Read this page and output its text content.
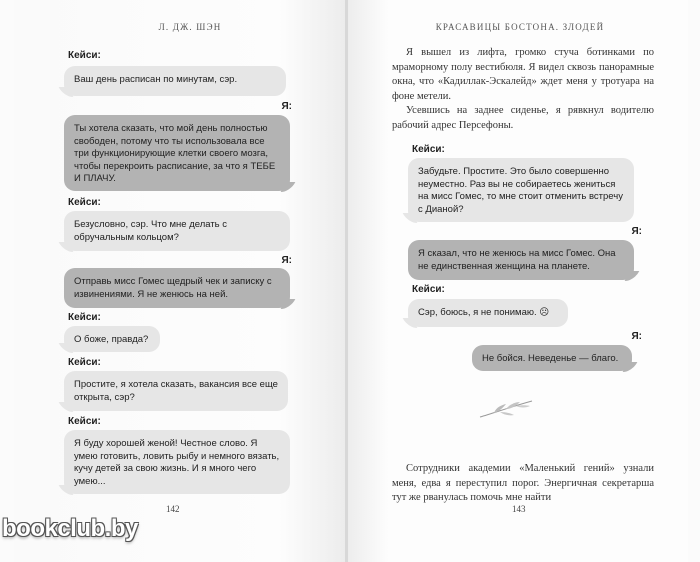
Л. ДЖ. ШЭН
Кейси:
Ваш день расписан по минутам, сэр.
Я:
Ты хотела сказать, что мой день полностью свободен, потому что ты использовала все три функционирующие клетки своего мозга, чтобы перекроить расписание, за что я ТЕБЕ И ПЛАЧУ.
Кейси:
Безусловно, сэр. Что мне делать с обручальным кольцом?
Я:
Отправь мисс Гомес щедрый чек и записку с извинениями. Я не женюсь на ней.
Кейси:
О боже, правда?
Кейси:
Простите, я хотела сказать, вакансия все еще открыта, сэр?
Кейси:
Я буду хорошей женой! Честное слово. Я умею готовить, ловить рыбу и немного вязать, кучу детей за свою жизнь. И я много чего умею...
142
КРАСАВИЦЫ БОСТОНА. ЗЛОДЕЙ

Я вышел из лифта, громко стуча ботинками по мраморному полу вестибюля. Я видел сквозь панорамные окна, что «Кадиллак-Эскалейд» ждет меня у тротуара на фоне метели.

Усевшись на заднее сиденье, я рявкнул водителю рабочий адрес Персефоны.

Кейси:
Забудьте. Простите. Это было совершенно неуместно. Раз вы не собираетесь жениться на мисс Гомес, то мне стоит отменить встречу с Дианой?
Я:
Я сказал, что не женюсь на мисс Гомес. Она не единственная женщина на планете.
Кейси:
Сэр, боюсь, я не понимаю. ☹
Я:
Не бойся. Неведенье — благо.

Сотрудники академии «Маленький гений» узнали меня, едва я переступил порог. Энергичная секретарша тут же рванулась помочь мне найти

143
bookclub.by
